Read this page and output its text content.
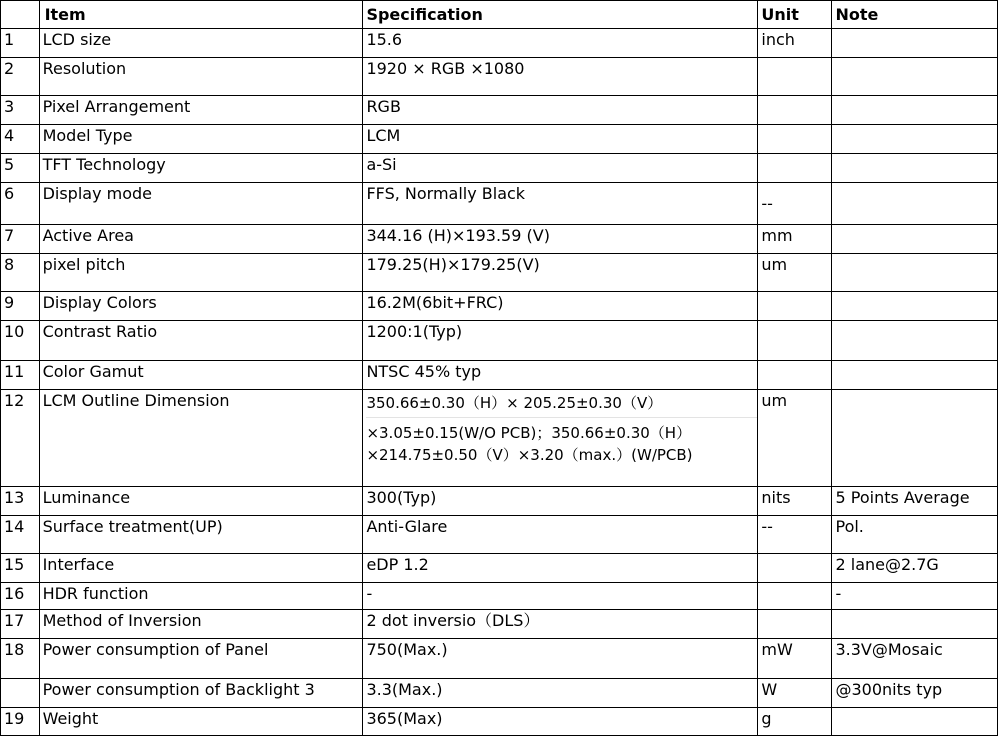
	Item	Specification	Unit	Note
1	LCD size	15.6	inch	
2	Resolution	1920 × RGB ×1080		
3	Pixel Arrangement	RGB		
4	Model Type	LCM		
5	TFT Technology	a-Si		
6	Display mode	FFS, Normally Black	--	
7	Active Area	344.16 (H)×193.59 (V)	mm	
8	pixel pitch	179.25(H)×179.25(V)	um	
9	Display Colors	16.2M(6bit+FRC)		
10	Contrast Ratio	1200:1(Typ)		
11	Color Gamut	NTSC 45% typ		
12	LCM Outline Dimension	350.66±0.30（H）× 205.25±0.30（V）
×3.05±0.15(W/O PCB)；350.66±0.30（H）
×214.75±0.50（V）×3.20（max.）(W/PCB)	um	
13	Luminance	300(Typ)	nits	5 Points Average
14	Surface treatment(UP)	Anti-Glare	--	Pol.
15	Interface	eDP 1.2		2 lane@2.7G
16	HDR function	-		-
17	Method of Inversion	2 dot inversio（DLS）		
18	Power consumption of Panel	750(Max.)	mW	3.3V@Mosaic
	Power consumption of Backlight 3	3.3(Max.)	W	@300nits typ
19	Weight	365(Max)	g	
